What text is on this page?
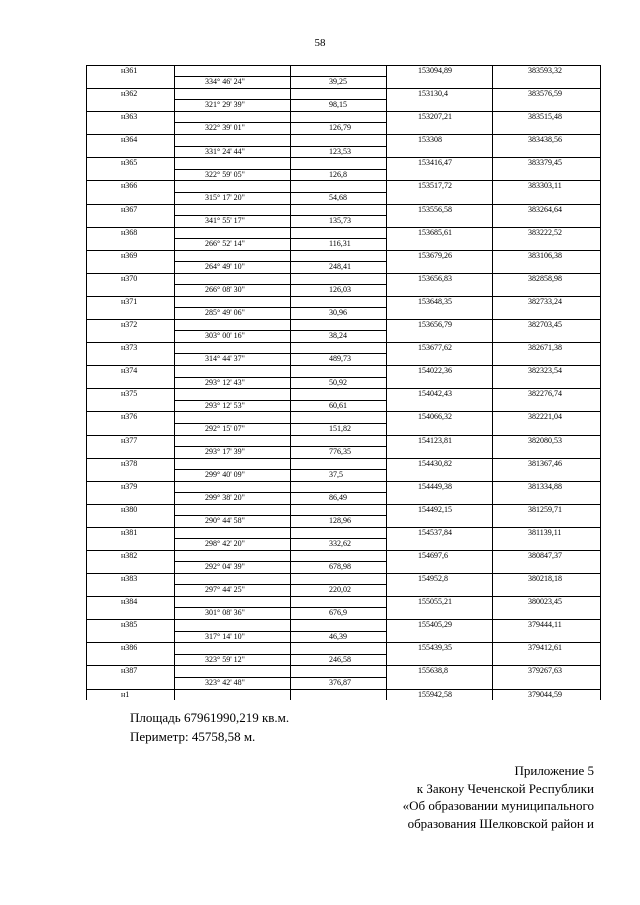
58
н361			153094,89	383593,32
	334° 46' 24"	39,25		
н362			153130,4	383576,59
	321° 29' 39"	98,15		
н363			153207,21	383515,48
	322° 39' 01"	126,79		
н364			153308	383438,56
	331° 24' 44"	123,53		
н365			153416,47	383379,45
	322° 59' 05"	126,8		
н366			153517,72	383303,11
	315° 17' 20"	54,68		
н367			153556,58	383264,64
	341° 55' 17"	135,73		
н368			153685,61	383222,52
	266° 52' 14"	116,31		
н369			153679,26	383106,38
	264° 49' 10"	248,41		
н370			153656,83	382858,98
	266° 08' 30"	126,03		
н371			153648,35	382733,24
	285° 49' 06"	30,96		
н372			153656,79	382703,45
	303° 00' 16"	38,24		
н373			153677,62	382671,38
	314° 44' 37"	489,73		
н374			154022,36	382323,54
	293° 12' 43"	50,92		
н375			154042,43	382276,74
	293° 12' 53"	60,61		
н376			154066,32	382221,04
	292° 15' 07"	151,82		
н377			154123,81	382080,53
	293° 17' 39"	776,35		
н378			154430,82	381367,46
	299° 40' 09"	37,5		
н379			154449,38	381334,88
	299° 38' 20"	86,49		
н380			154492,15	381259,71
	290° 44' 58"	128,96		
н381			154537,84	381139,11
	298° 42' 20"	332,62		
н382			154697,6	380847,37
	292° 04' 39"	678,98		
н383			154952,8	380218,18
	297° 44' 25"	220,02		
н384			155055,21	380023,45
	301° 08' 36"	676,9		
н385			155405,29	379444,11
	317° 14' 10"	46,39		
н386			155439,35	379412,61
	323° 59' 12"	246,58		
н387			155638,8	379267,63
	323° 42' 48"	376,87		
н1			155942,58	379044,59
Площадь 67961990,219 кв.м.
Периметр: 45758,58 м.
Приложение 5
к Закону Чеченской Республики
«Об образовании муниципального
образования Шелковской район и
